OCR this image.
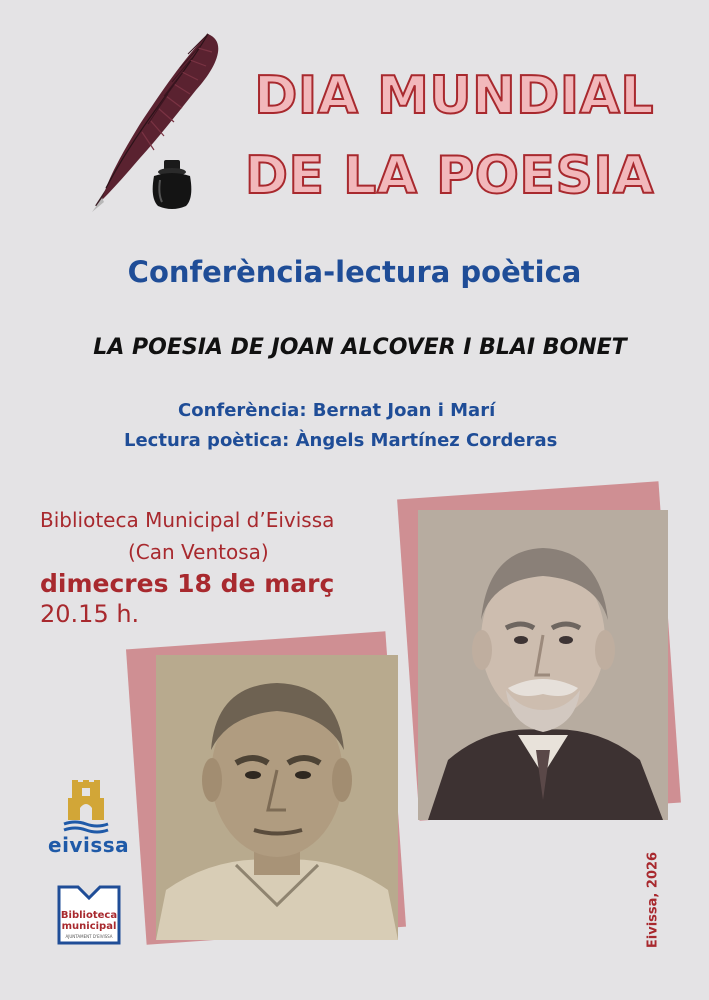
DIA MUNDIAL
DE LA POESIA
Conferència-lectura poètica
LA POESIA DE JOAN ALCOVER I BLAI BONET
Conferència: Bernat Joan i Marí
Lectura poètica: Àngels Martínez Corderas
Biblioteca Municipal d’Eivissa
(Can Ventosa)
dimecres 18 de març
20.15 h.
Eivissa, 2026
eivissa
Biblioteca
municipal
AJUNTAMENT D'EIVISSA
